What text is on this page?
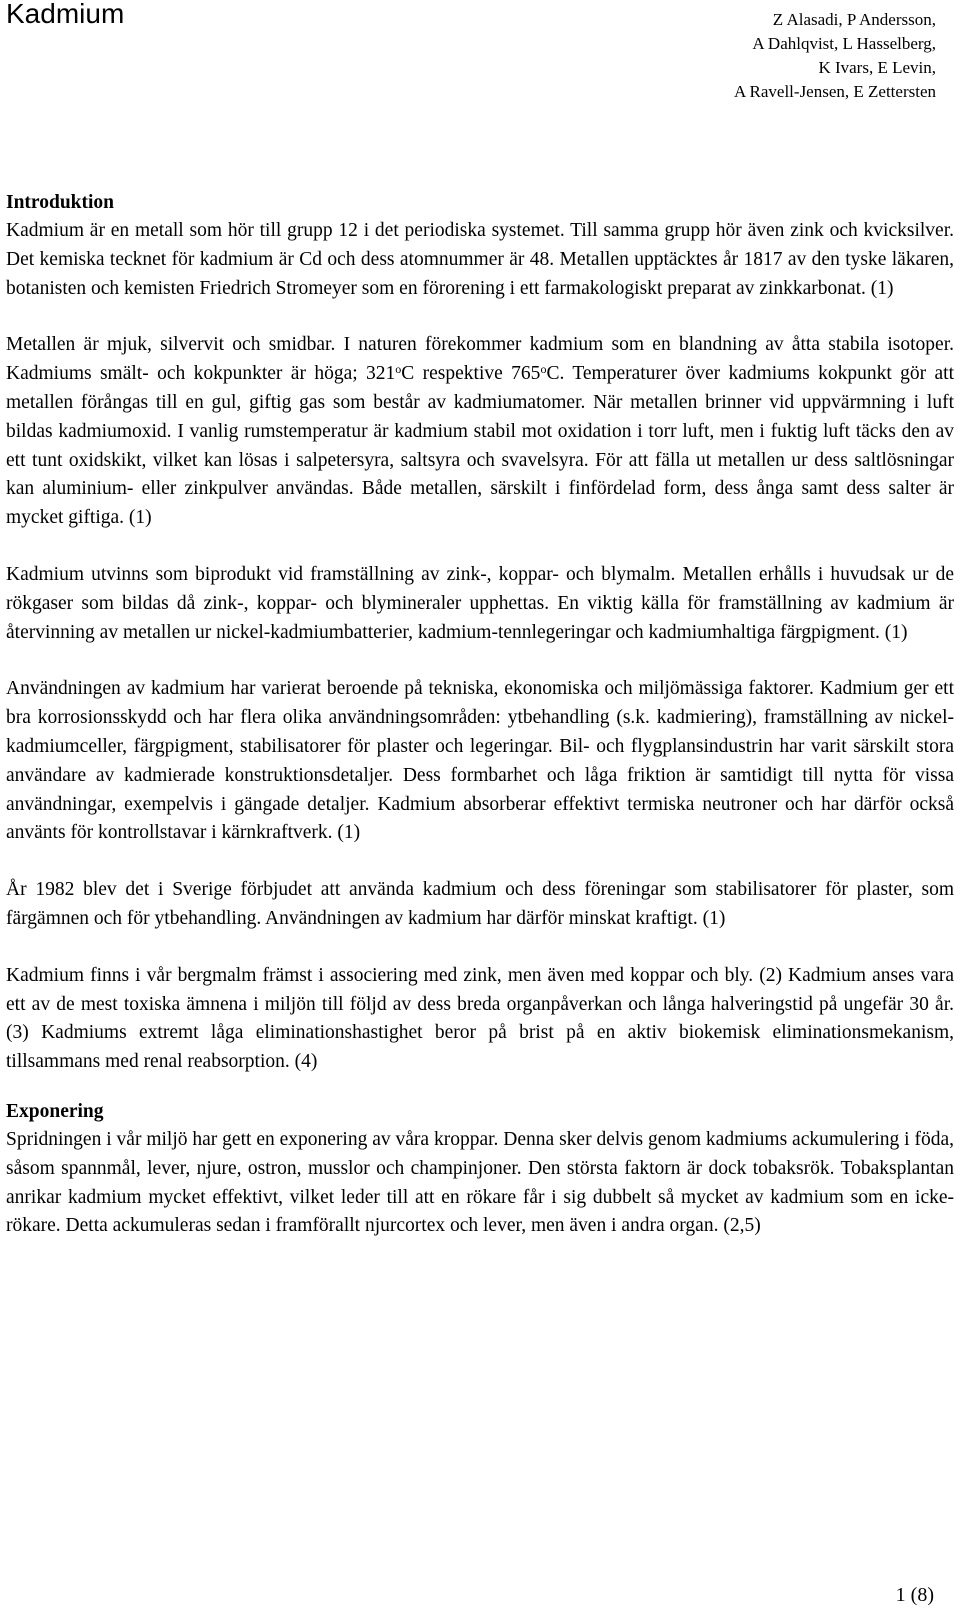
Kadmium	Z Alasadi, P Andersson,
A Dahlqvist, L Hasselberg,
K Ivars, E Levin,
A Ravell-Jensen, E Zettersten
Introduktion

Kadmium är en metall som hör till grupp 12 i det periodiska systemet. Till samma grupp hör även zink och kvicksilver. Det kemiska tecknet för kadmium är Cd och dess atomnummer är 48. Metallen upptäcktes år 1817 av den tyske läkaren, botanisten och kemisten Friedrich Stromeyer som en förorening i ett farmakologiskt preparat av zinkkarbonat. (1)

Metallen är mjuk, silvervit och smidbar. I naturen förekommer kadmium som en blandning av åtta stabila isotoper. Kadmiums smält- och kokpunkter är höga; 321$^o$C respektive 765$^o$C. Temperaturer över kadmiums kokpunkt gör att metallen förångas till en gul, giftig gas som består av kadmiumatomer. När metallen brinner vid uppvärmning i luft bildas kadmiumoxid. I vanlig rumstemperatur är kadmium stabil mot oxidation i torr luft, men i fuktig luft täcks den av ett tunt oxidskikt, vilket kan lösas i salpetersyra, saltsyra och svavelsyra. För att fälla ut metallen ur dess saltlösningar kan aluminium- eller zinkpulver användas. Både metallen, särskilt i finfördelad form, dess ånga samt dess salter är mycket giftiga. (1)

Kadmium utvinns som biprodukt vid framställning av zink-, koppar- och blymalm. Metallen erhålls i huvudsak ur de rökgaser som bildas då zink-, koppar- och blymineraler upphettas. En viktig källa för framställning av kadmium är återvinning av metallen ur nickel-kadmiumbatterier, kadmium-tennlegeringar och kadmiumhaltiga färgpigment. (1)

Användningen av kadmium har varierat beroende på tekniska, ekonomiska och miljömässiga faktorer. Kadmium ger ett bra korrosionsskydd och har flera olika användningsområden: ytbehandling (s.k. kadmiering), framställning av nickel-kadmiumceller, färgpigment, stabilisatorer för plaster och legeringar. Bil- och flygplansindustrin har varit särskilt stora användare av kadmierade konstruktionsdetaljer. Dess formbarhet och låga friktion är samtidigt till nytta för vissa användningar, exempelvis i gängade detaljer. Kadmium absorberar effektivt termiska neutroner och har därför också använts för kontrollstavar i kärnkraftverk. (1)

År 1982 blev det i Sverige förbjudet att använda kadmium och dess föreningar som stabilisatorer för plaster, som färgämnen och för ytbehandling. Användningen av kadmium har därför minskat kraftigt. (1)

Kadmium finns i vår bergmalm främst i associering med zink, men även med koppar och bly. (2) Kadmium anses vara ett av de mest toxiska ämnena i miljön till följd av dess breda organpåverkan och långa halveringstid på ungefär 30 år. (3) Kadmiums extremt låga eliminationshastighet beror på brist på en aktiv biokemisk eliminationsmekanism, tillsammans med renal reabsorption. (4)

Exponering

Spridningen i vår miljö har gett en exponering av våra kroppar. Denna sker delvis genom kadmiums ackumulering i föda, såsom spannmål, lever, njure, ostron, musslor och champinjoner. Den största faktorn är dock tobaksrök. Tobaksplantan anrikar kadmium mycket effektivt, vilket leder till att en rökare får i sig dubbelt så mycket av kadmium som en icke-rökare. Detta ackumuleras sedan i framförallt njurcortex och lever, men även i andra organ. (2,5)

1 (8)
